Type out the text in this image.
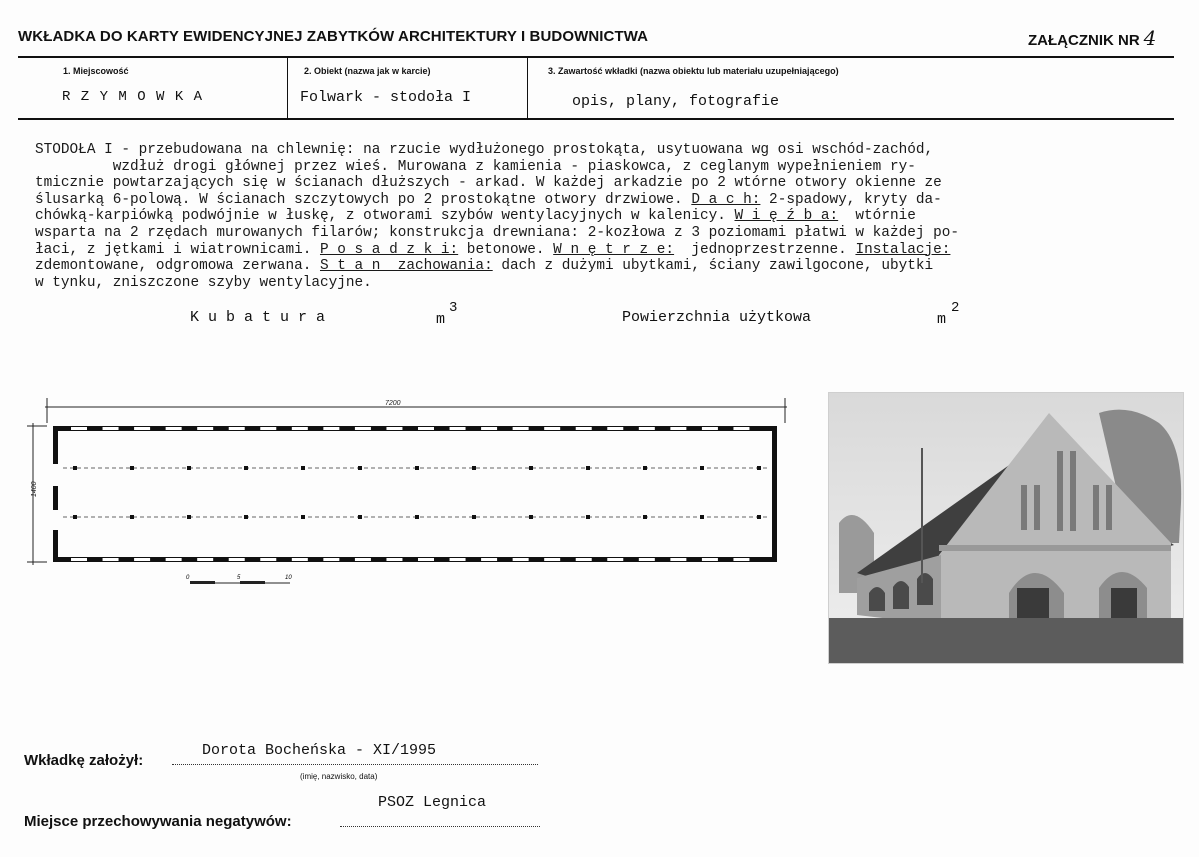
WKŁADKA DO KARTY EWIDENCYJNEJ ZABYTKÓW ARCHITEKTURY I BUDOWNICTWA	ZAŁĄCZNIK NR 4
1. Miejscowość
R Z Y M O W K A
2. Obiekt (nazwa jak w karcie)
Folwark - stodoła I
3. Zawartość wkładki (nazwa obiektu lub materiału uzupełniającego)
opis, plany, fotografie
STODOŁA I - przebudowana na chlewnię: na rzucie wydłużonego prostokąta, usytuowana wg osi wschód-zachód,
wzdłuż drogi głównej przez wieś. Murowana z kamienia - piaskowca, z ceglanym wypełnieniem ry-
tmicznie powtarzających się w ścianach dłuższych - arkad. W każdej arkadzie po 2 wtórne otwory okienne ze
ślusarką 6-polową. W ścianach szczytowych po 2 prostokątne otwory drzwiowe. D a c h: 2-spadowy, kryty da-
chówką-karpiówką podwójnie w łuskę, z otworami szybów wentylacyjnych w kalenicy. W i ę ź b a:  wtórnie
wsparta na 2 rzędach murowanych filarów; konstrukcja drewniana: 2-kozłowa z 3 poziomami płatwi w każdej po-
łaci, z jętkami i wiatrownicami. P o s a d z k i: betonowe. W n ę t r z e:  jednoprzestrzenne. Instalacje:
zdemontowane, odgromowa zerwana. S t a n  zachowania: dach z dużymi ubytkami, ściany zawilgocone, ubytki
w tynku, zniszczone szyby wentylacyjne.
K u b a t u r a	m
3
Powierzchnia użytkowa	m
2
7200
1400
0	5	10
Wkładkę założył:
Dorota Bocheńska - XI/1995
(imię, nazwisko, data)
Miejsce przechowywania negatywów:
PSOZ Legnica
